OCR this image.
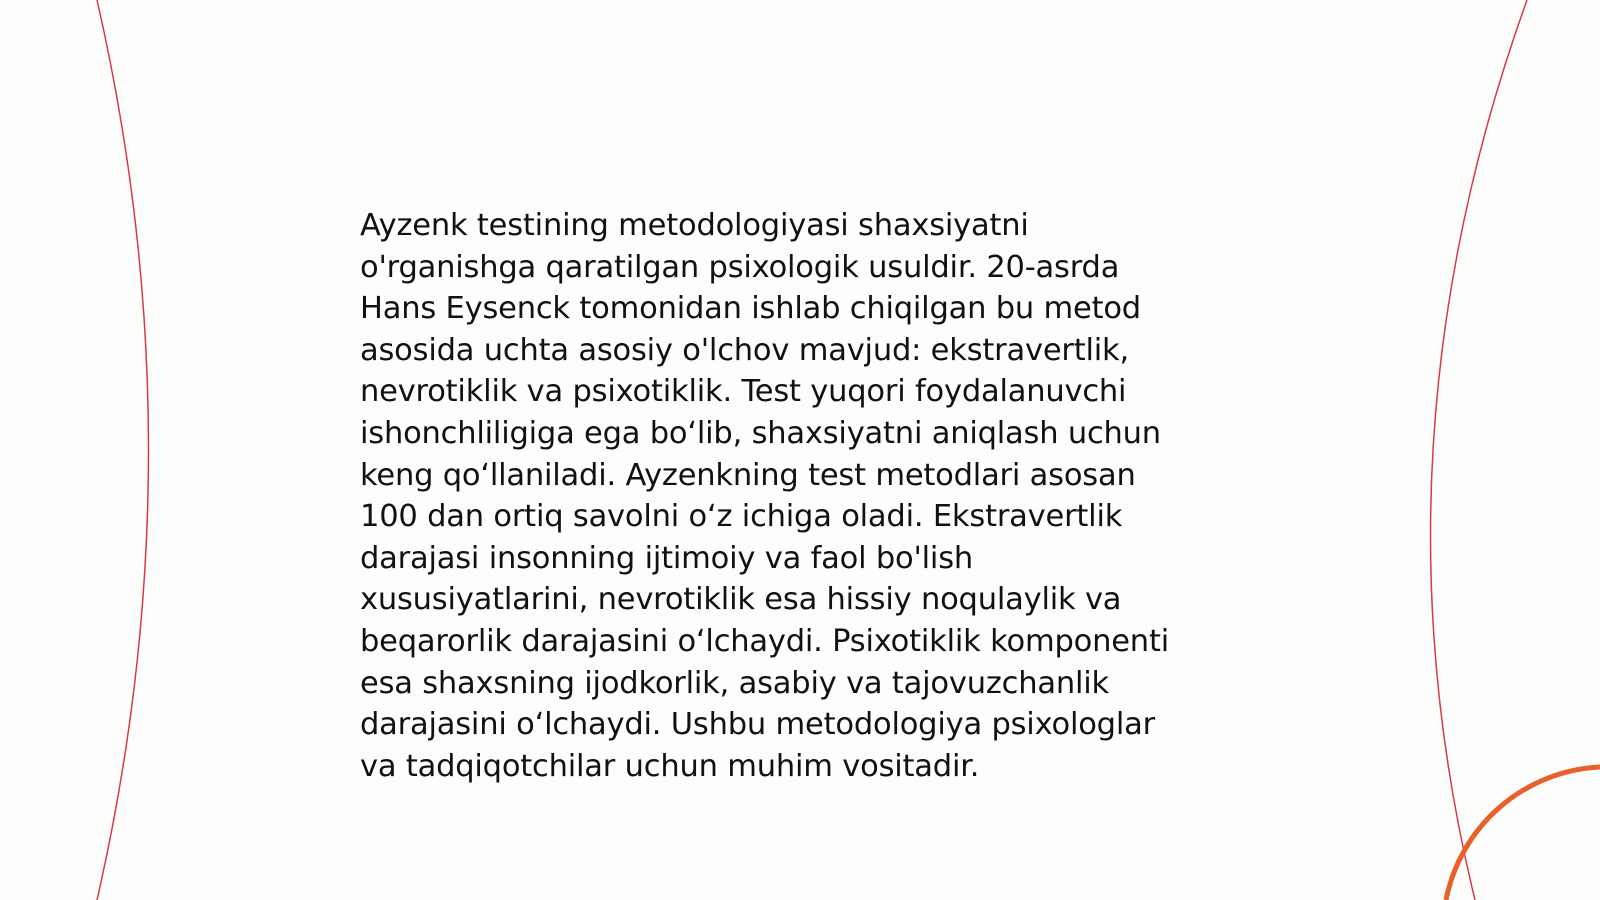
Ayzenk testining metodologiyasi shaxsiyatni
o'rganishga qaratilgan psixologik usuldir. 20-asrda
Hans Eysenck tomonidan ishlab chiqilgan bu metod
asosida uchta asosiy o'lchov mavjud: ekstravertlik,
nevrotiklik va psixotiklik. Test yuqori foydalanuvchi
ishonchliligiga ega bo‘lib, shaxsiyatni aniqlash uchun
keng qo‘llaniladi. Ayzenkning test metodlari asosan
100 dan ortiq savolni o‘z ichiga oladi. Ekstravertlik
darajasi insonning ijtimoiy va faol bo'lish
xususiyatlarini, nevrotiklik esa hissiy noqulaylik va
beqarorlik darajasini o‘lchaydi. Psixotiklik komponenti
esa shaxsning ijodkorlik, asabiy va tajovuzchanlik
darajasini o‘lchaydi. Ushbu metodologiya psixologlar
va tadqiqotchilar uchun muhim vositadir.
